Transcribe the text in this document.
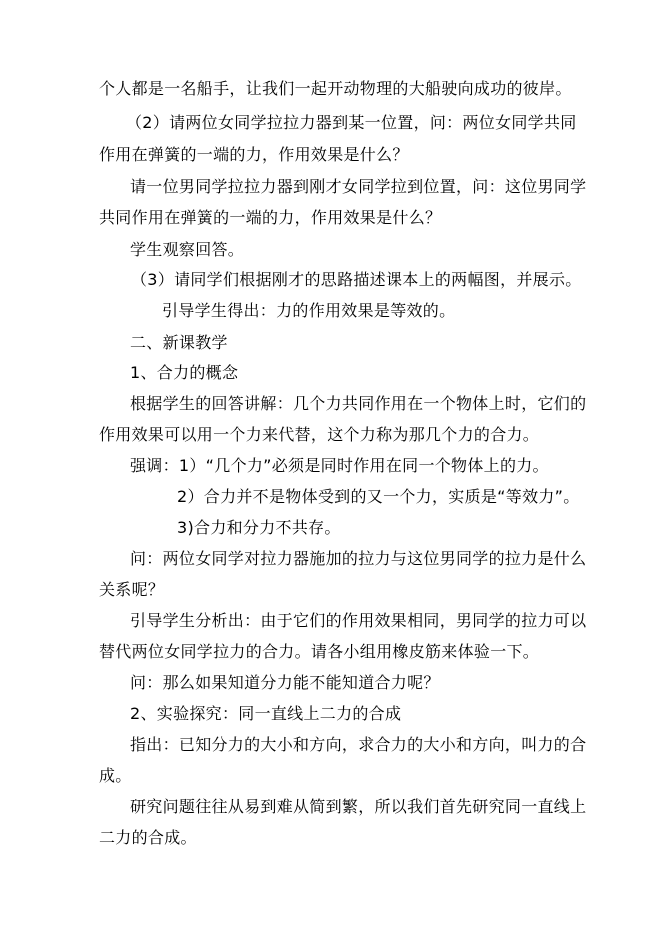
个人都是一名船手，让我们一起开动物理的大船驶向成功的彼岸。
（2）请两位女同学拉拉力器到某一位置，问：两位女同学共同
作用在弹簧的一端的力，作用效果是什么？
请一位男同学拉拉力器到刚才女同学拉到位置，问：这位男同学
共同作用在弹簧的一端的力，作用效果是什么？
学生观察回答。
（3）请同学们根据刚才的思路描述课本上的两幅图，并展示。
引导学生得出：力的作用效果是等效的。
二、新课教学
1、合力的概念
根据学生的回答讲解：几个力共同作用在一个物体上时，它们的
作用效果可以用一个力来代替，这个力称为那几个力的合力。
强调：1）“几个力”必须是同时作用在同一个物体上的力。
2）合力并不是物体受到的又一个力，实质是“等效力”。
3)合力和分力不共存。
问：两位女同学对拉力器施加的拉力与这位男同学的拉力是什么
关系呢？
引导学生分析出：由于它们的作用效果相同，男同学的拉力可以
替代两位女同学拉力的合力。请各小组用橡皮筋来体验一下。
问：那么如果知道分力能不能知道合力呢？
2、实验探究：同一直线上二力的合成
指出：已知分力的大小和方向，求合力的大小和方向，叫力的合
成。
研究问题往往从易到难从简到繁，所以我们首先研究同一直线上
二力的合成。
